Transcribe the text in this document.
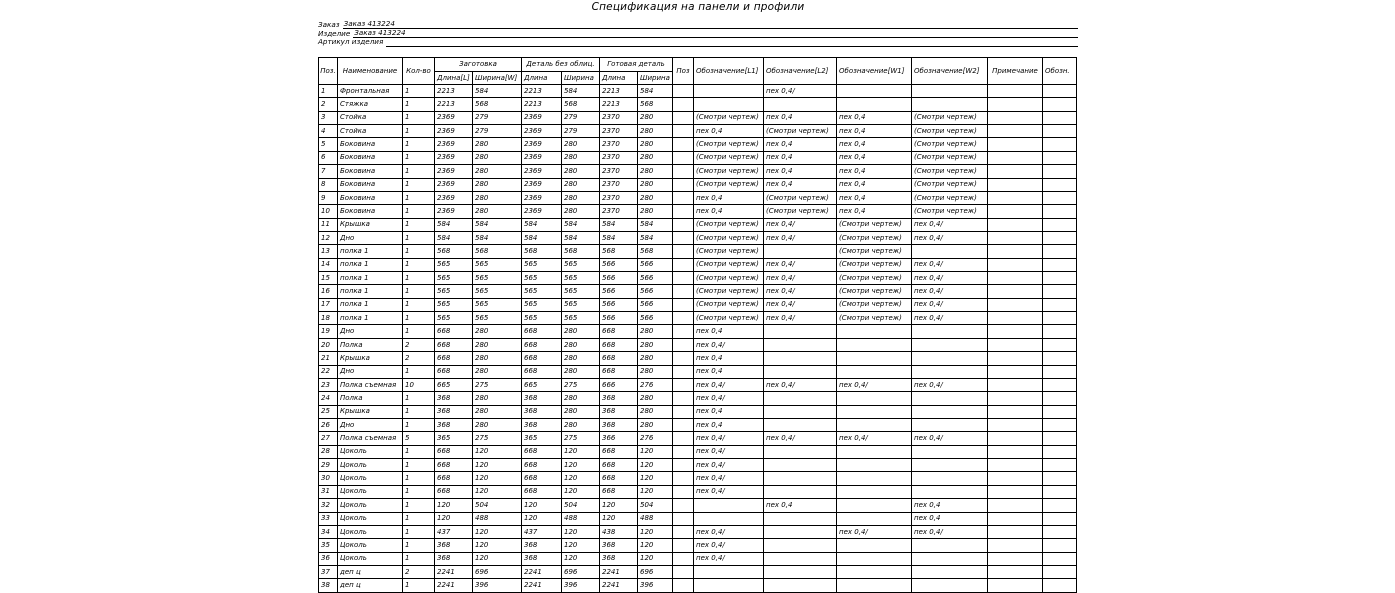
Спецификация на панели и профили
Заказ Заказ 413224
Изделие Заказ 413224
Артикул изделия
Поз.	Наименование	Кол-во	Заготовка		Деталь без облиц.		Готовая деталь		Поз	Обозначение[L1]	Обозначение[L2]	Обозначение[W1]	Обозначение[W2]	Примечание	Обозн.
			Длина[L]	Ширина[W]	Длина	Ширина	Длина	Ширина							
1	Фронтальная	1	2213	584	2213	584	2213	584			пех 0,4/				
2	Стяжка	1	2213	568	2213	568	2213	568							
3	Стойка	1	2369	279	2369	279	2370	280		(Смотри чертеж)	пех 0,4	пех 0,4	(Смотри чертеж)		
4	Стойка	1	2369	279	2369	279	2370	280		пех 0,4	(Смотри чертеж)	пех 0,4	(Смотри чертеж)		
5	Боковина	1	2369	280	2369	280	2370	280		(Смотри чертеж)	пех 0,4	пех 0,4	(Смотри чертеж)		
6	Боковина	1	2369	280	2369	280	2370	280		(Смотри чертеж)	пех 0,4	пех 0,4	(Смотри чертеж)		
7	Боковина	1	2369	280	2369	280	2370	280		(Смотри чертеж)	пех 0,4	пех 0,4	(Смотри чертеж)		
8	Боковина	1	2369	280	2369	280	2370	280		(Смотри чертеж)	пех 0,4	пех 0,4	(Смотри чертеж)		
9	Боковина	1	2369	280	2369	280	2370	280		пех 0,4	(Смотри чертеж)	пех 0,4	(Смотри чертеж)		
10	Боковина	1	2369	280	2369	280	2370	280		пех 0,4	(Смотри чертеж)	пех 0,4	(Смотри чертеж)		
11	Крышка	1	584	584	584	584	584	584		(Смотри чертеж)	пех 0,4/	(Смотри чертеж)	пех 0,4/		
12	Дно	1	584	584	584	584	584	584		(Смотри чертеж)	пех 0,4/	(Смотри чертеж)	пех 0,4/		
13	полка 1	1	568	568	568	568	568	568		(Смотри чертеж)		(Смотри чертеж)			
14	полка 1	1	565	565	565	565	566	566		(Смотри чертеж)	пех 0,4/	(Смотри чертеж)	пех 0,4/		
15	полка 1	1	565	565	565	565	566	566		(Смотри чертеж)	пех 0,4/	(Смотри чертеж)	пех 0,4/		
16	полка 1	1	565	565	565	565	566	566		(Смотри чертеж)	пех 0,4/	(Смотри чертеж)	пех 0,4/		
17	полка 1	1	565	565	565	565	566	566		(Смотри чертеж)	пех 0,4/	(Смотри чертеж)	пех 0,4/		
18	полка 1	1	565	565	565	565	566	566		(Смотри чертеж)	пех 0,4/	(Смотри чертеж)	пех 0,4/		
19	Дно	1	668	280	668	280	668	280		пех 0,4					
20	Полка	2	668	280	668	280	668	280		пех 0,4/					
21	Крышка	2	668	280	668	280	668	280		пех 0,4					
22	Дно	1	668	280	668	280	668	280		пех 0,4					
23	Полка съемная	10	665	275	665	275	666	276		пех 0,4/	пех 0,4/	пех 0,4/	пех 0,4/		
24	Полка	1	368	280	368	280	368	280		пех 0,4/					
25	Крышка	1	368	280	368	280	368	280		пех 0,4					
26	Дно	1	368	280	368	280	368	280		пех 0,4					
27	Полка съемная	5	365	275	365	275	366	276		пех 0,4/	пех 0,4/	пех 0,4/	пех 0,4/		
28	Цоколь	1	668	120	668	120	668	120		пех 0,4/					
29	Цоколь	1	668	120	668	120	668	120		пех 0,4/					
30	Цоколь	1	668	120	668	120	668	120		пех 0,4/					
31	Цоколь	1	668	120	668	120	668	120		пех 0,4/					
32	Цоколь	1	120	504	120	504	120	504			пех 0,4		пех 0,4		
33	Цоколь	1	120	488	120	488	120	488					пех 0,4		
34	Цоколь	1	437	120	437	120	438	120		пех 0,4/		пех 0,4/	пех 0,4/		
35	Цоколь	1	368	120	368	120	368	120		пех 0,4/					
36	Цоколь	1	368	120	368	120	368	120		пех 0,4/					
37	деп ц	2	2241	696	2241	696	2241	696							
38	деп ц	1	2241	396	2241	396	2241	396							
